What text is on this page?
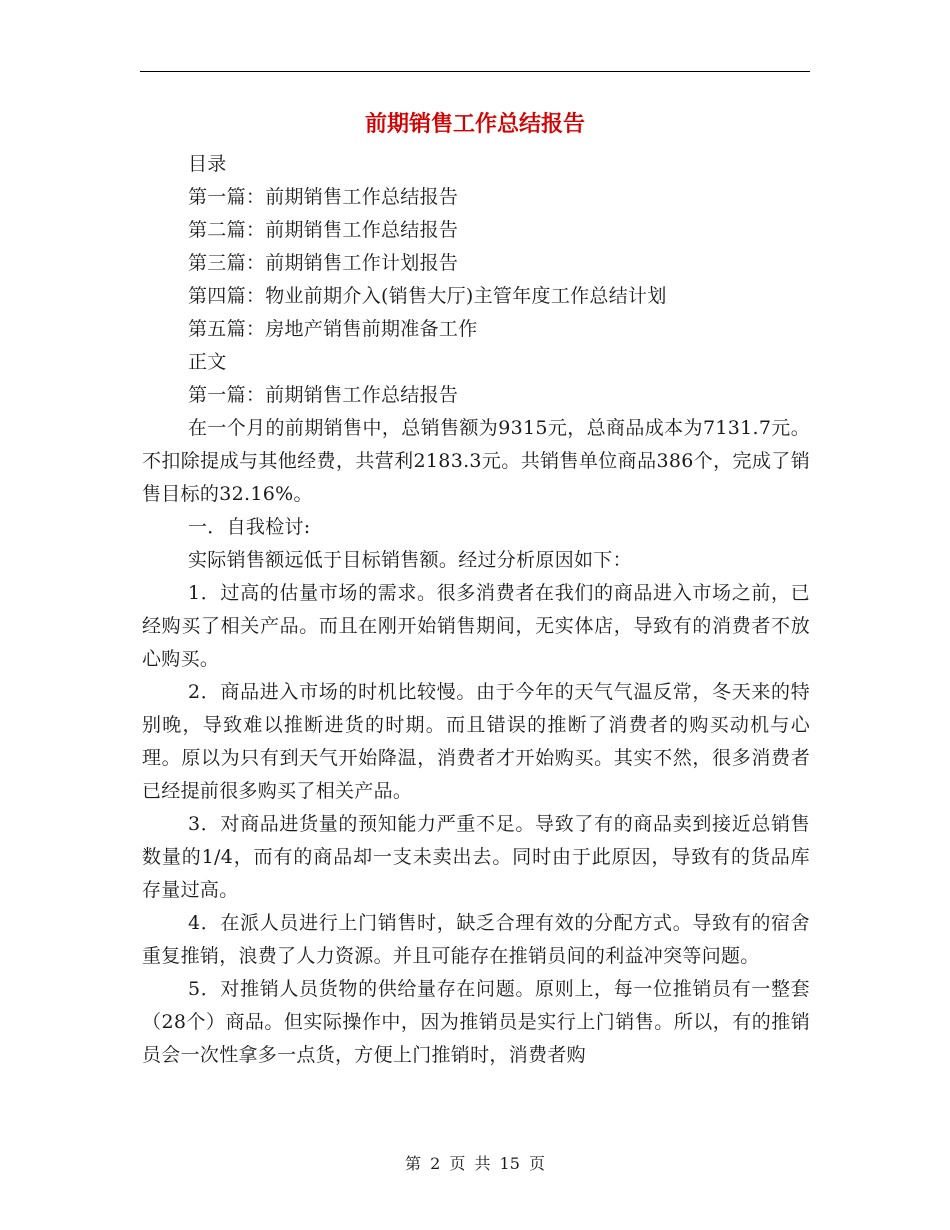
前期销售工作总结报告

目录

第一篇：前期销售工作总结报告

第二篇：前期销售工作总结报告

第三篇：前期销售工作计划报告

第四篇：物业前期介入(销售大厅)主管年度工作总结计划

第五篇：房地产销售前期准备工作

正文

第一篇：前期销售工作总结报告

在一个月的前期销售中，总销售额为9315元，总商品成本为7131.7元。不扣除提成与其他经费，共营利2183.3元。共销售单位商品386个，完成了销售目标的32.16%。

一．自我检讨:

实际销售额远低于目标销售额。经过分析原因如下：

1．过高的估量市场的需求。很多消费者在我们的商品进入市场之前，已经购买了相关产品。而且在刚开始销售期间，无实体店，导致有的消费者不放心购买。

2．商品进入市场的时机比较慢。由于今年的天气气温反常，冬天来的特别晚，导致难以推断进货的时期。而且错误的推断了消费者的购买动机与心理。原以为只有到天气开始降温，消费者才开始购买。其实不然，很多消费者已经提前很多购买了相关产品。

3．对商品进货量的预知能力严重不足。导致了有的商品卖到接近总销售数量的1/4，而有的商品却一支未卖出去。同时由于此原因，导致有的货品库存量过高。

4．在派人员进行上门销售时，缺乏合理有效的分配方式。导致有的宿舍重复推销，浪费了人力资源。并且可能存在推销员间的利益冲突等问题。

5．对推销人员货物的供给量存在问题。原则上，每一位推销员有一整套（28个）商品。但实际操作中，因为推销员是实行上门销售。所以，有的推销员会一次性拿多一点货，方便上门推销时，消费者购

第 2 页 共 15 页
